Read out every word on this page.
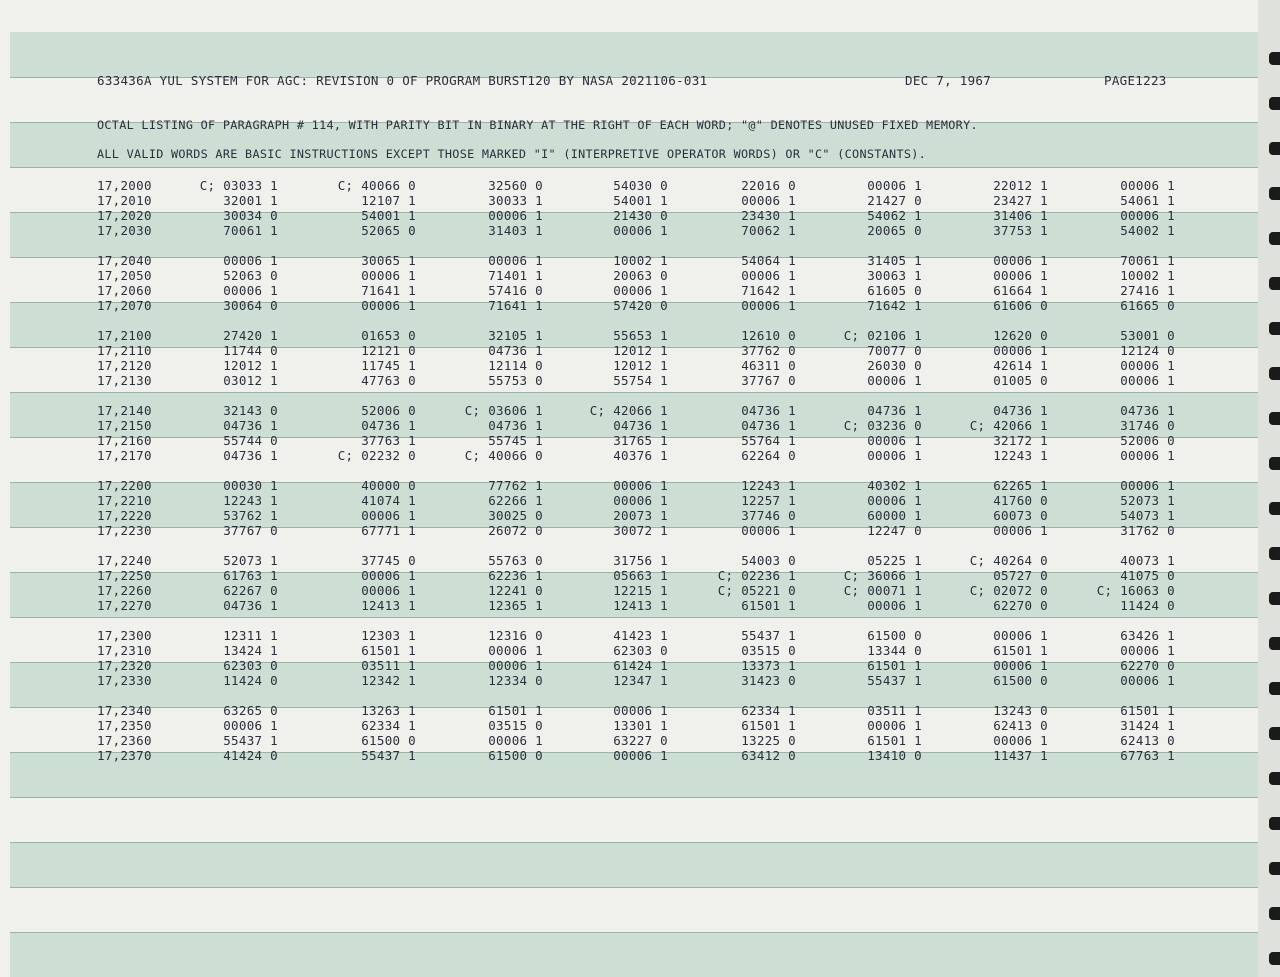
633436A YUL SYSTEM FOR AGC: REVISION 0 OF PROGRAM BURST120 BY NASA 2021106-031	DEC 7, 1967	PAGE1223
OCTAL LISTING OF PARAGRAPH # 114, WITH PARITY BIT IN BINARY AT THE RIGHT OF EACH WORD; "@" DENOTES UNUSED FIXED MEMORY.
ALL VALID WORDS ARE BASIC INSTRUCTIONS EXCEPT THOSE MARKED "I" (INTERPRETIVE OPERATOR WORDS) OR "C" (CONSTANTS).
17,2000	C; 03033 1	C; 40066 0	32560 0	54030 0	22016 0	00006 1	22012 1	00006 1
17,2010	32001 1	12107 1	30033 1	54001 1	00006 1	21427 0	23427 1	54061 1
17,2020	30034 0	54001 1	00006 1	21430 0	23430 1	54062 1	31406 1	00006 1
17,2030	70061 1	52065 0	31403 1	00006 1	70062 1	20065 0	37753 1	54002 1
17,2040	00006 1	30065 1	00006 1	10002 1	54064 1	31405 1	00006 1	70061 1
17,2050	52063 0	00006 1	71401 1	20063 0	00006 1	30063 1	00006 1	10002 1
17,2060	00006 1	71641 1	57416 0	00006 1	71642 1	61605 0	61664 1	27416 1
17,2070	30064 0	00006 1	71641 1	57420 0	00006 1	71642 1	61606 0	61665 0
17,2100	27420 1	01653 0	32105 1	55653 1	12610 0	C; 02106 1	12620 0	53001 0
17,2110	11744 0	12121 0	04736 1	12012 1	37762 0	70077 0	00006 1	12124 0
17,2120	12012 1	11745 1	12114 0	12012 1	46311 0	26030 0	42614 1	00006 1
17,2130	03012 1	47763 0	55753 0	55754 1	37767 0	00006 1	01005 0	00006 1
17,2140	32143 0	52006 0	C; 03606 1	C; 42066 1	04736 1	04736 1	04736 1	04736 1
17,2150	04736 1	04736 1	04736 1	04736 1	04736 1	C; 03236 0	C; 42066 1	31746 0
17,2160	55744 0	37763 1	55745 1	31765 1	55764 1	00006 1	32172 1	52006 0
17,2170	04736 1	C; 02232 0	C; 40066 0	40376 1	62264 0	00006 1	12243 1	00006 1
17,2200	00030 1	40000 0	77762 1	00006 1	12243 1	40302 1	62265 1	00006 1
17,2210	12243 1	41074 1	62266 1	00006 1	12257 1	00006 1	41760 0	52073 1
17,2220	53762 1	00006 1	30025 0	20073 1	37746 0	60000 1	60073 0	54073 1
17,2230	37767 0	67771 1	26072 0	30072 1	00006 1	12247 0	00006 1	31762 0
17,2240	52073 1	37745 0	55763 0	31756 1	54003 0	05225 1	C; 40264 0	40073 1
17,2250	61763 1	00006 1	62236 1	05663 1	C; 02236 1	C; 36066 1	05727 0	41075 0
17,2260	62267 0	00006 1	12241 0	12215 1	C; 05221 0	C; 00071 1	C; 02072 0	C; 16063 0
17,2270	04736 1	12413 1	12365 1	12413 1	61501 1	00006 1	62270 0	11424 0
17,2300	12311 1	12303 1	12316 0	41423 1	55437 1	61500 0	00006 1	63426 1
17,2310	13424 1	61501 1	00006 1	62303 0	03515 0	13344 0	61501 1	00006 1
17,2320	62303 0	03511 1	00006 1	61424 1	13373 1	61501 1	00006 1	62270 0
17,2330	11424 0	12342 1	12334 0	12347 1	31423 0	55437 1	61500 0	00006 1
17,2340	63265 0	13263 1	61501 1	00006 1	62334 1	03511 1	13243 0	61501 1
17,2350	00006 1	62334 1	03515 0	13301 1	61501 1	00006 1	62413 0	31424 1
17,2360	55437 1	61500 0	00006 1	63227 0	13225 0	61501 1	00006 1	62413 0
17,2370	41424 0	55437 1	61500 0	00006 1	63412 0	13410 0	11437 1	67763 1
